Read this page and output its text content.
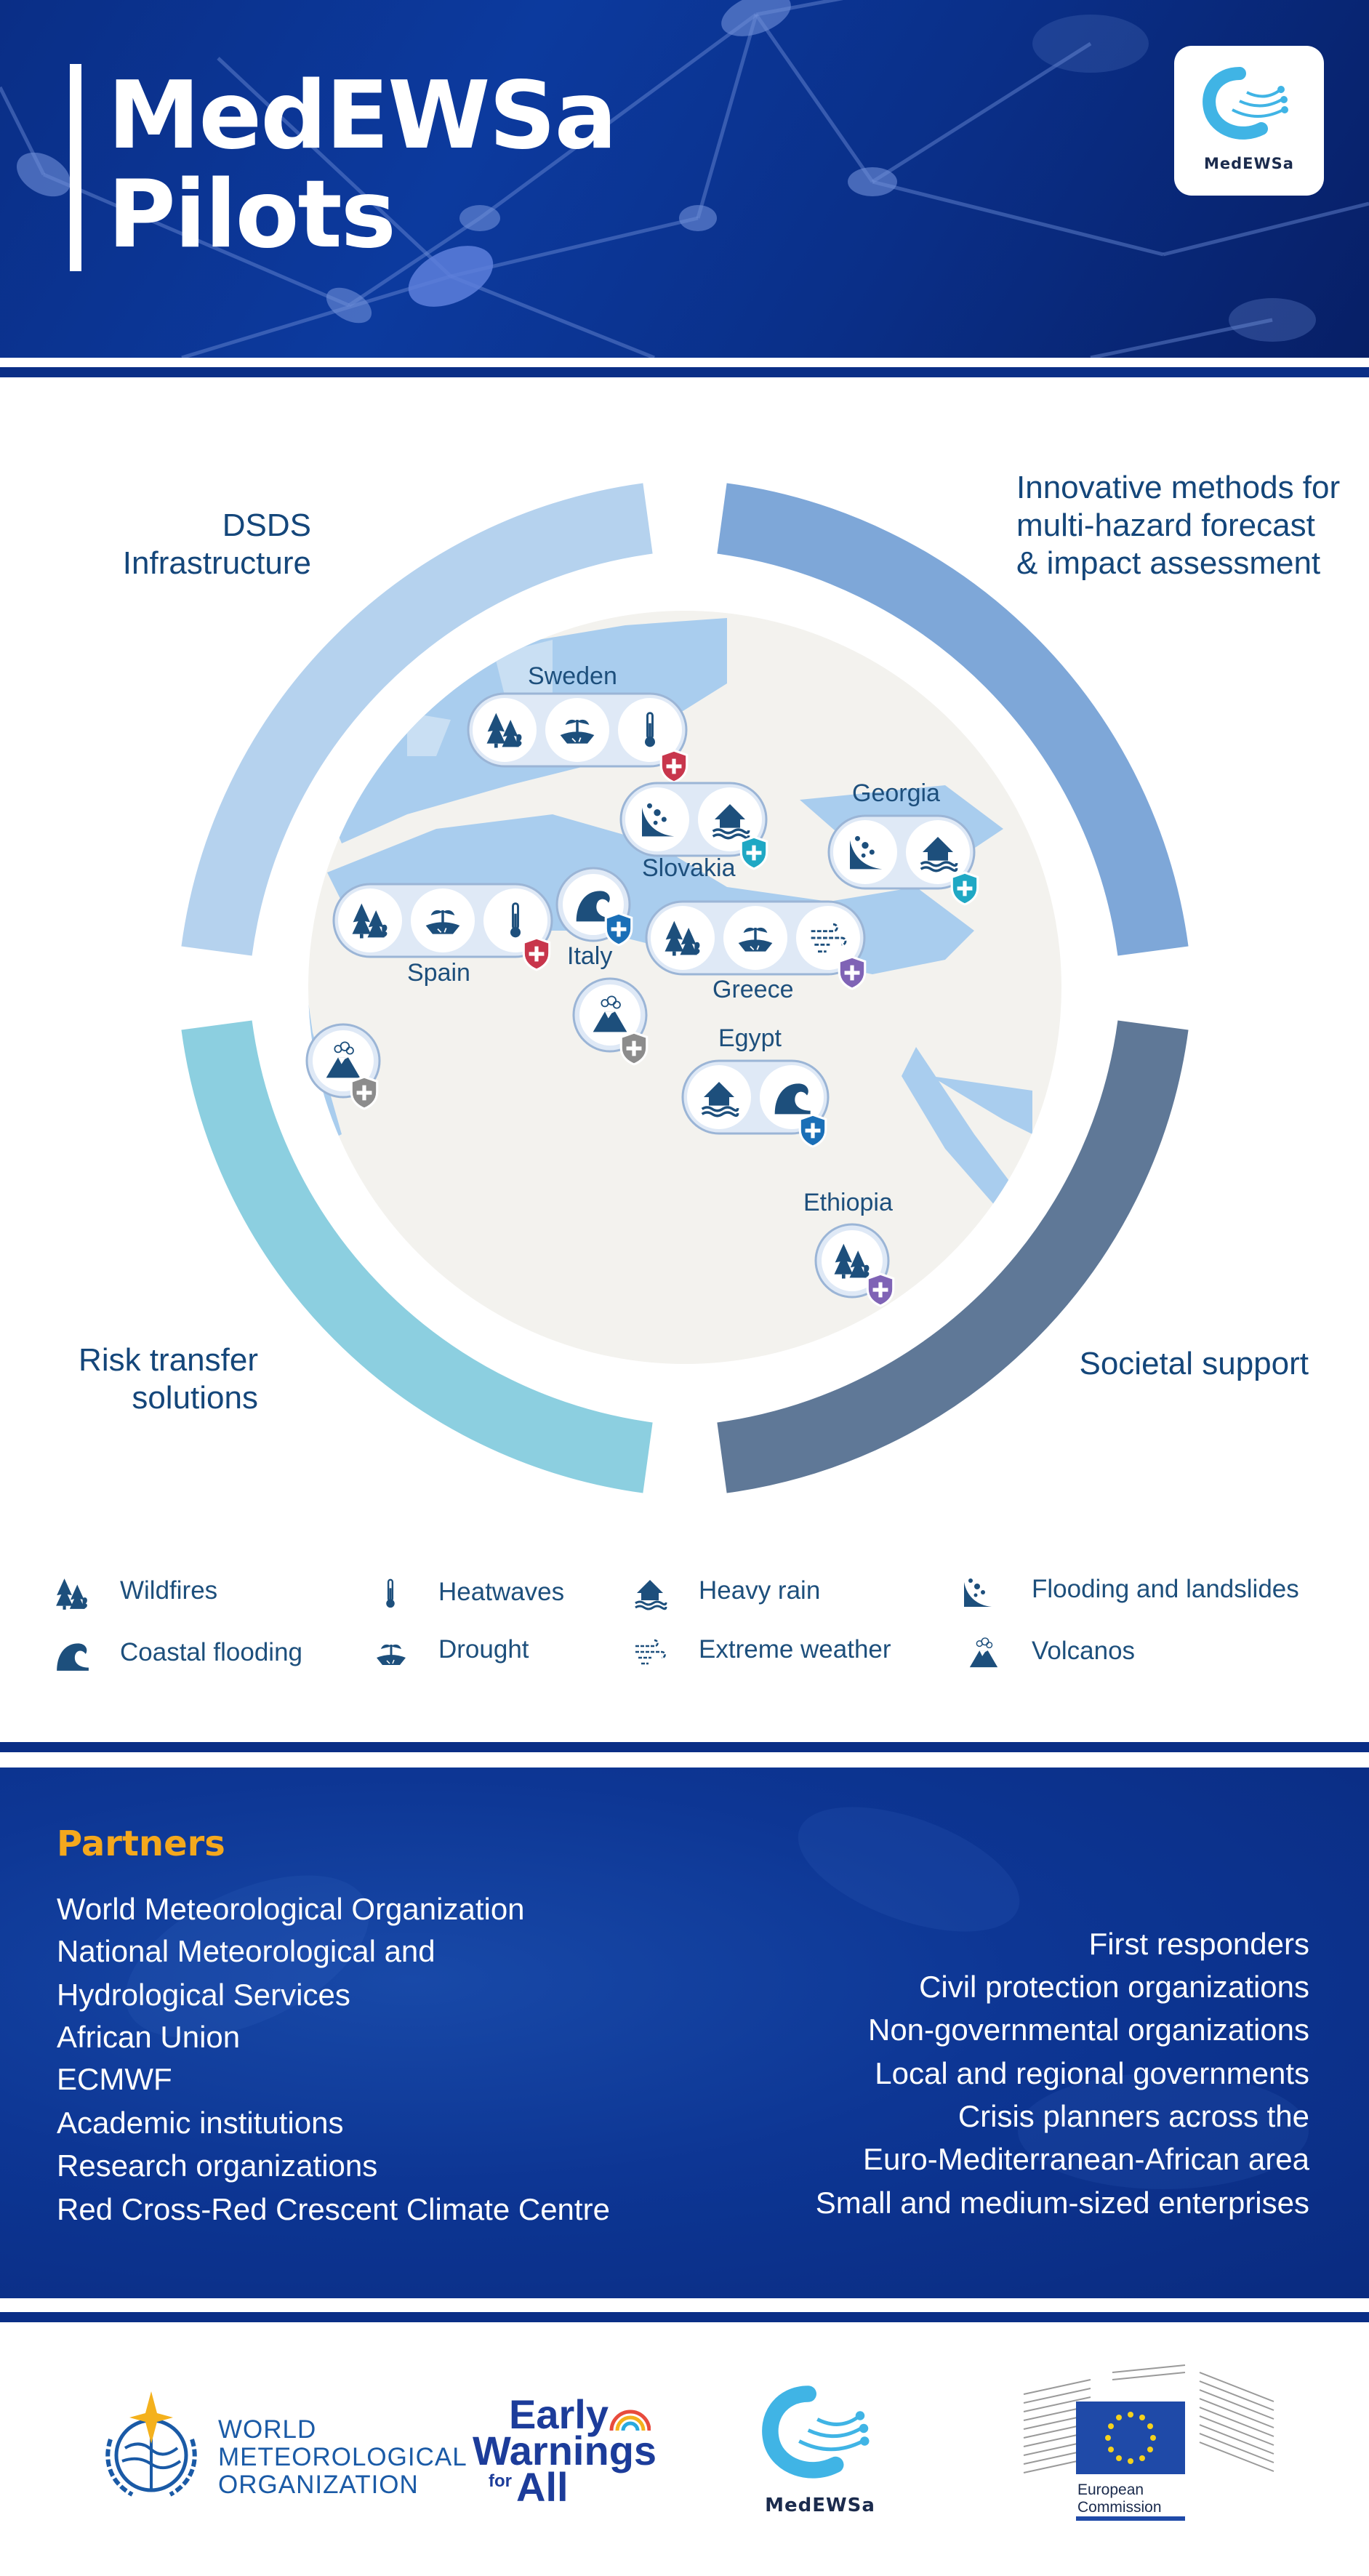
MedEWSa
Pilots	MedEWSa
DSDS
Infrastructure
Innovative methods for
multi-hazard forecast
& impact assessment
Risk transfer
solutions
Societal support
Sweden
Georgia
Slovakia
Spain
Italy
Greece
Egypt
Ethiopia
Wildfires	Heatwaves	Heavy rain	Flooding and landslides
Coastal flooding	Drought	Extreme weather	Volcanos
Partners
World Meteorological Organization
National Meteorological and
Hydrological Services
African Union
ECMWF
Academic institutions
Research organizations
Red Cross-Red Crescent Climate Centre
First responders
Civil protection organizations
Non-governmental organizations
Local and regional governments
Crisis planners across the
Euro-Mediterranean-African area
Small and medium-sized enterprises
WORLD
METEOROLOGICAL
ORGANIZATION
Early
Warnings
for All	MedEWSa
European
Commission
